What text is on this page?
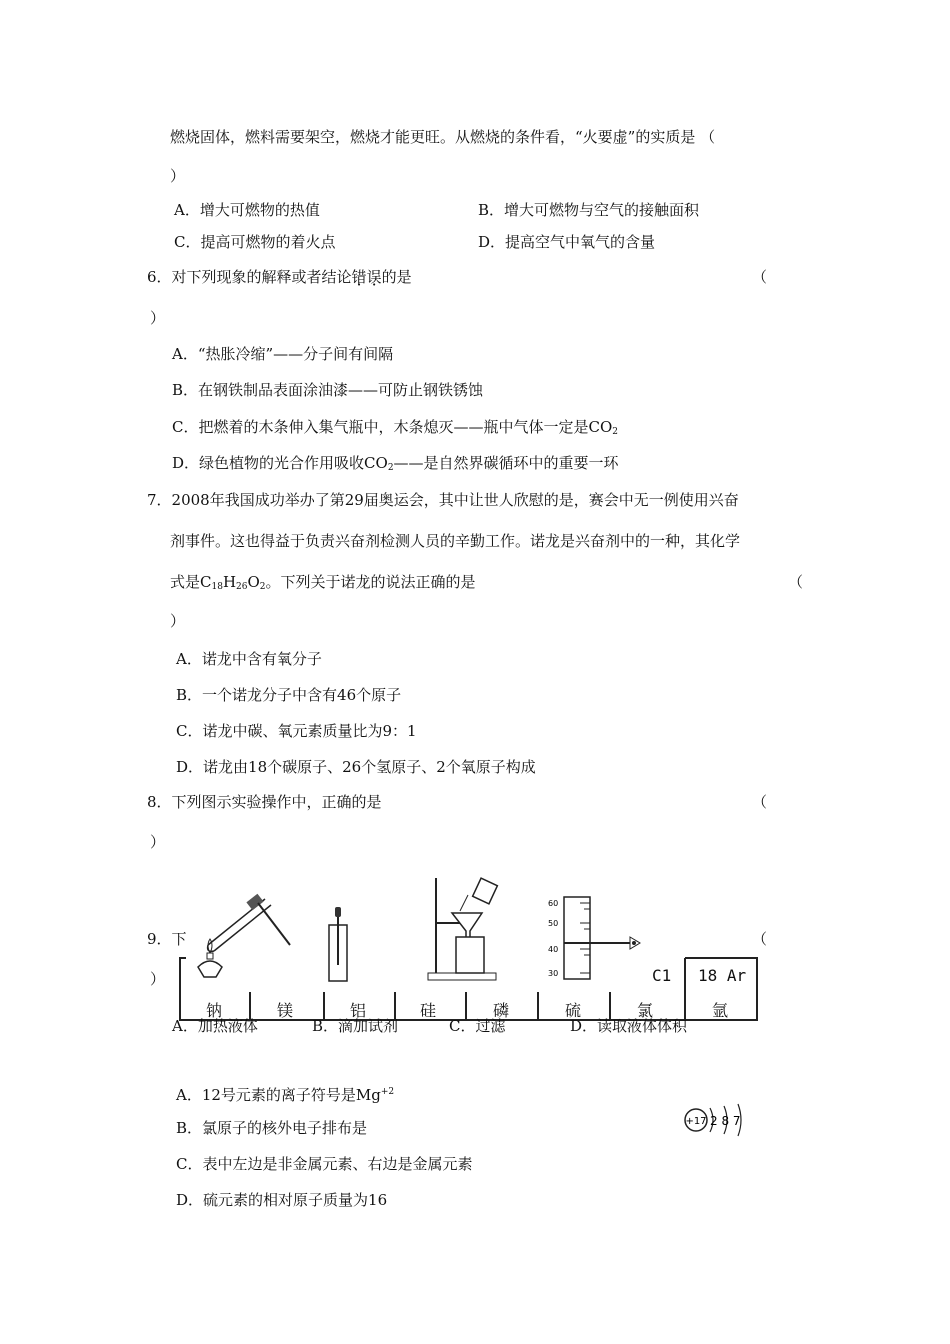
燃烧固体，燃料需要架空，燃烧才能更旺。从燃烧的条件看，“火要虚”的实质是 （
）
A．增大可燃物的热值	B．增大可燃物与空气的接触面积
C．提高可燃物的着火点	D．提高空气中氧气的含量
6．对下列现象的解释或者结论错误的是	（
）
A．“热胀冷缩”——分子间有间隔
B．在钢铁制品表面涂油漆——可防止钢铁锈蚀
C．把燃着的木条伸入集气瓶中，木条熄灭——瓶中气体一定是$CO_2$
D．绿色植物的光合作用吸收$CO_2——$是自然界碳循环中的重要一环
7．2008年我国成功举办了第29届奥运会，其中让世人欣慰的是，赛会中无一例使用兴奋
剂事件。这也得益于负责兴奋剂检测人员的辛勤工作。诺龙是兴奋剂中的一种，其化学
式是$C_{18}H_{26}O_2$。下列关于诺龙的说法正确的是	（
）
A．诺龙中含有氧分子
B．一个诺龙分子中含有46个原子
C．诺龙中碳、氧元素质量比为9：1
D．诺龙由18个碳原子、26个氢原子、2个氧原子构成
8．下列图示实验操作中，正确的是	（
）
60
50
40
30
9．下	（
）
钠	镁	铝	硅	磷	硫	氯
C1 18 Ar
氩
A．加热液体	B．滴加试剂	C．过滤	D．读取液体体积
A．12号元素的离子符号是$Mg^{+2}$
B．氯原子的核外电子排布是
C．表中左边是非金属元素、右边是金属元素
D．硫元素的相对原子质量为16
+17 2 8 7
